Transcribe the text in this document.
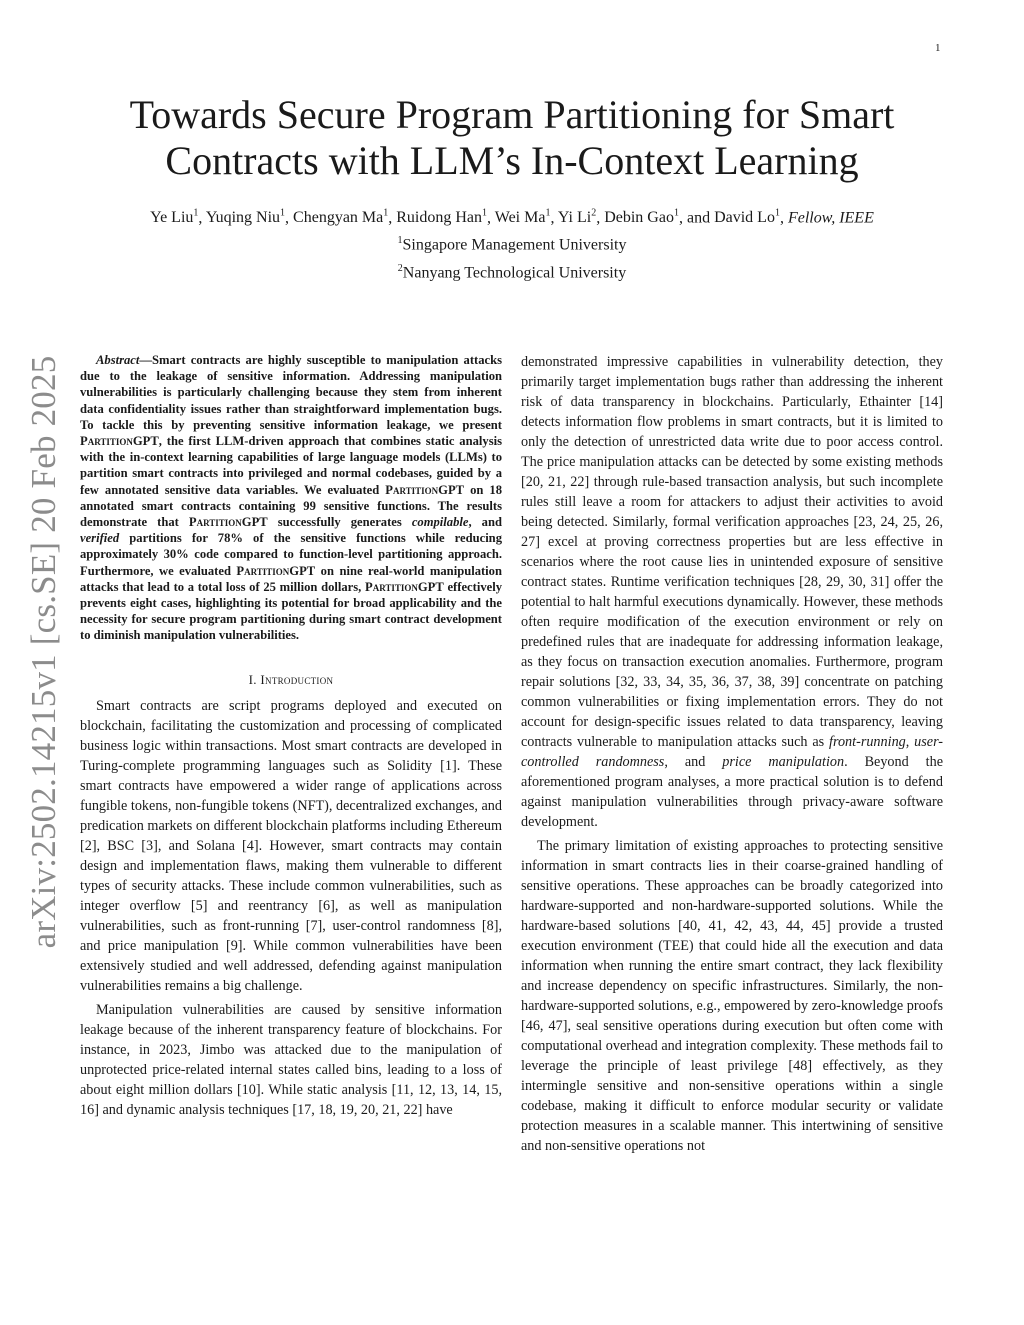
1
arXiv:2502.14215v1 [cs.SE] 20 Feb 2025
Towards Secure Program Partitioning for Smart Contracts with LLM’s In-Context Learning
Ye Liu$^1$, Yuqing Niu$^1$, Chengyan Ma$^1$, Ruidong Han$^1$, Wei Ma$^1$, Yi Li$^2$, Debin Gao$^1$, and David Lo$^1$, Fellow, IEEE
$^1$Singapore Management University
$^2$Nanyang Technological University

Abstract—Smart contracts are highly susceptible to manipulation attacks due to the leakage of sensitive information. Addressing manipulation vulnerabilities is particularly challenging because they stem from inherent data confidentiality issues rather than straightforward implementation bugs. To tackle this by preventing sensitive information leakage, we present PartitionGPT, the first LLM-driven approach that combines static analysis with the in-context learning capabilities of large language models (LLMs) to partition smart contracts into privileged and normal codebases, guided by a few annotated sensitive data variables. We evaluated PartitionGPT on 18 annotated smart contracts containing 99 sensitive functions. The results demonstrate that PartitionGPT successfully generates compilable, and verified partitions for 78% of the sensitive functions while reducing approximately 30% code compared to function-level partitioning approach. Furthermore, we evaluated PartitionGPT on nine real-world manipulation attacks that lead to a total loss of 25 million dollars, PartitionGPT effectively prevents eight cases, highlighting its potential for broad applicability and the necessity for secure program partitioning during smart contract development to diminish manipulation vulnerabilities.

I. Introduction

Smart contracts are script programs deployed and executed on blockchain, facilitating the customization and processing of complicated business logic within transactions. Most smart contracts are developed in Turing-complete programming languages such as Solidity [1]. These smart contracts have empowered a wider range of applications across fungible tokens, non-fungible tokens (NFT), decentralized exchanges, and predication markets on different blockchain platforms including Ethereum [2], BSC [3], and Solana [4]. However, smart contracts may contain design and implementation flaws, making them vulnerable to different types of security attacks. These include common vulnerabilities, such as integer overflow [5] and reentrancy [6], as well as manipulation vulnerabilities, such as front-running [7], user-control randomness [8], and price manipulation [9]. While common vulnerabilities have been extensively studied and well addressed, defending against manipulation vulnerabilities remains a big challenge.

Manipulation vulnerabilities are caused by sensitive information leakage because of the inherent transparency feature of blockchains. For instance, in 2023, Jimbo was attacked due to the manipulation of unprotected price-related internal states called bins, leading to a loss of about eight million dollars [10]. While static analysis [11, 12, 13, 14, 15, 16] and dynamic analysis techniques [17, 18, 19, 20, 21, 22] have

demonstrated impressive capabilities in vulnerability detection, they primarily target implementation bugs rather than addressing the inherent risk of data transparency in blockchains. Particularly, Ethainter [14] detects information flow problems in smart contracts, but it is limited to only the detection of unrestricted data write due to poor access control. The price manipulation attacks can be detected by some existing methods [20, 21, 22] through rule-based transaction analysis, but such incomplete rules still leave a room for attackers to adjust their activities to avoid being detected. Similarly, formal verification approaches [23, 24, 25, 26, 27] excel at proving correctness properties but are less effective in scenarios where the root cause lies in unintended exposure of sensitive contract states. Runtime verification techniques [28, 29, 30, 31] offer the potential to halt harmful executions dynamically. However, these methods often require modification of the execution environment or rely on predefined rules that are inadequate for addressing information leakage, as they focus on transaction execution anomalies. Furthermore, program repair solutions [32, 33, 34, 35, 36, 37, 38, 39] concentrate on patching common vulnerabilities or fixing implementation errors. They do not account for design-specific issues related to data transparency, leaving contracts vulnerable to manipulation attacks such as front-running, user-controlled randomness, and price manipulation. Beyond the aforementioned program analyses, a more practical solution is to defend against manipulation vulnerabilities through privacy-aware software development.

The primary limitation of existing approaches to protecting sensitive information in smart contracts lies in their coarse-grained handling of sensitive operations. These approaches can be broadly categorized into hardware-supported and non-hardware-supported solutions. While the hardware-based solutions [40, 41, 42, 43, 44, 45] provide a trusted execution environment (TEE) that could hide all the execution and data information when running the entire smart contract, they lack flexibility and increase dependency on specific infrastructures. Similarly, the non-hardware-supported solutions, e.g., empowered by zero-knowledge proofs [46, 47], seal sensitive operations during execution but often come with computational overhead and integration complexity. These methods fail to leverage the principle of least privilege [48] effectively, as they intermingle sensitive and non-sensitive operations within a single codebase, making it difficult to enforce modular security or validate protection measures in a scalable manner. This intertwining of sensitive and non-sensitive operations not
